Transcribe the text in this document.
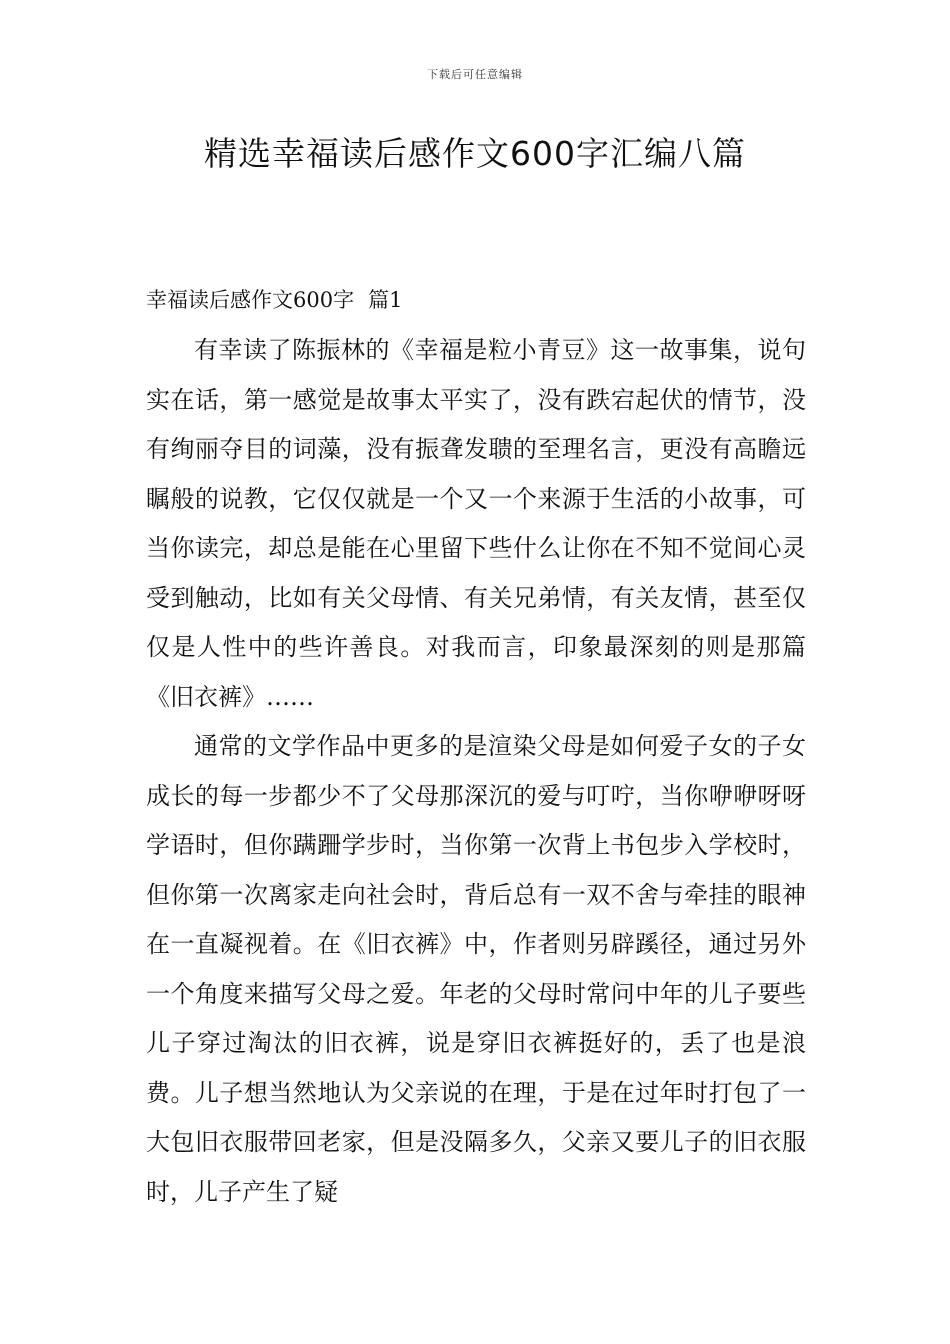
下载后可任意编辑
精选幸福读后感作文600字汇编八篇
幸福读后感作文600字 篇1

有幸读了陈振林的《幸福是粒小青豆》这一故事集，说句实在话，第一感觉是故事太平实了，没有跌宕起伏的情节，没有绚丽夺目的词藻，没有振聋发聩的至理名言，更没有高瞻远瞩般的说教，它仅仅就是一个又一个来源于生活的小故事，可当你读完，却总是能在心里留下些什么让你在不知不觉间心灵受到触动，比如有关父母情、有关兄弟情，有关友情，甚至仅仅是人性中的些许善良。对我而言，印象最深刻的则是那篇《旧衣裤》……

通常的文学作品中更多的是渲染父母是如何爱子女的子女成长的每一步都少不了父母那深沉的爱与叮咛，当你咿咿呀呀学语时，但你蹒跚学步时，当你第一次背上书包步入学校时，但你第一次离家走向社会时，背后总有一双不舍与牵挂的眼神在一直凝视着。在《旧衣裤》中，作者则另辟蹊径，通过另外一个角度来描写父母之爱。年老的父母时常问中年的儿子要些儿子穿过淘汰的旧衣裤，说是穿旧衣裤挺好的，丢了也是浪费。儿子想当然地认为父亲说的在理，于是在过年时打包了一大包旧衣服带回老家，但是没隔多久，父亲又要儿子的旧衣服时，儿子产生了疑
